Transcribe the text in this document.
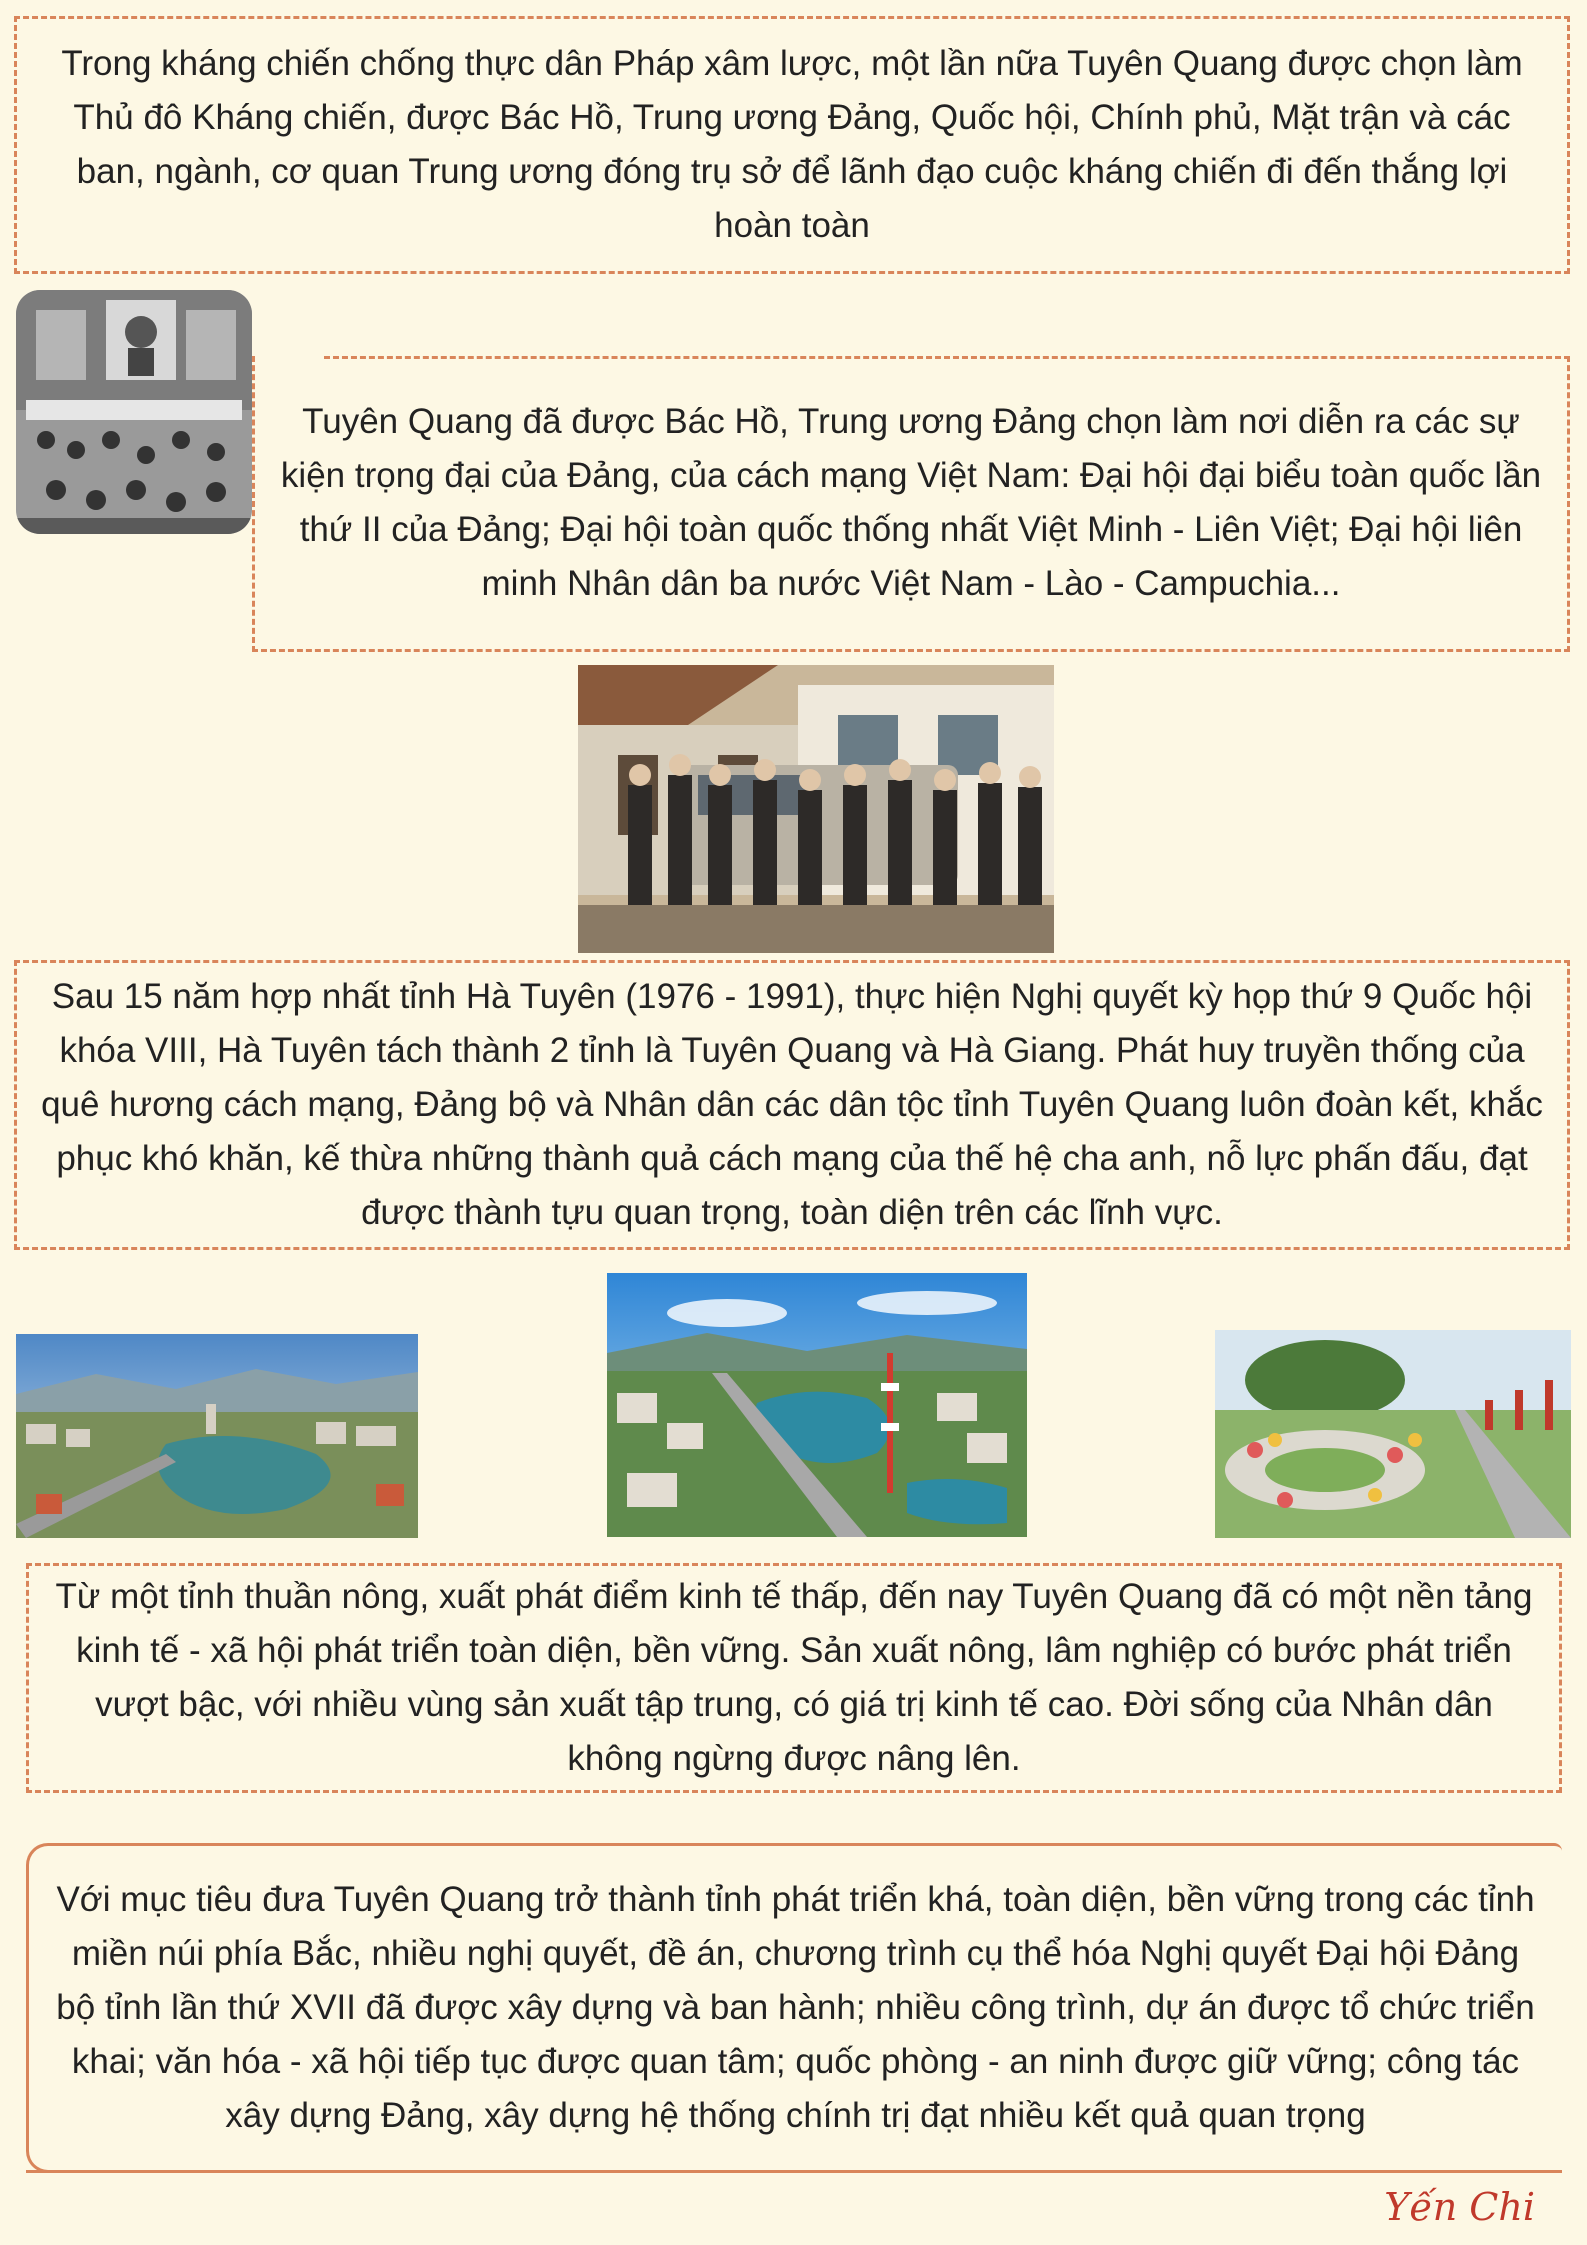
Trong kháng chiến chống thực dân Pháp xâm lược, một lần nữa Tuyên Quang được chọn làm Thủ đô Kháng chiến, được Bác Hồ, Trung ương Đảng, Quốc hội, Chính phủ, Mặt trận và các ban, ngành, cơ quan Trung ương đóng trụ sở để lãnh đạo cuộc kháng chiến đi đến thắng lợi hoàn toàn
Tuyên Quang đã được Bác Hồ, Trung ương Đảng chọn làm nơi diễn ra các sự kiện trọng đại của Đảng, của cách mạng Việt Nam: Đại hội đại biểu toàn quốc lần thứ II của Đảng; Đại hội toàn quốc thống nhất Việt Minh - Liên Việt; Đại hội liên minh Nhân dân ba nước Việt Nam - Lào - Campuchia...
Sau 15 năm hợp nhất tỉnh Hà Tuyên (1976 - 1991), thực hiện Nghị quyết kỳ họp thứ 9 Quốc hội khóa VIII, Hà Tuyên tách thành 2 tỉnh là Tuyên Quang và Hà Giang. Phát huy truyền thống của quê hương cách mạng, Đảng bộ và Nhân dân các dân tộc tỉnh Tuyên Quang luôn đoàn kết, khắc phục khó khăn, kế thừa những thành quả cách mạng của thế hệ cha anh, nỗ lực phấn đấu, đạt được thành tựu quan trọng, toàn diện trên các lĩnh vực.
Từ một tỉnh thuần nông, xuất phát điểm kinh tế thấp, đến nay Tuyên Quang đã có một nền tảng kinh tế - xã hội phát triển toàn diện, bền vững. Sản xuất nông, lâm nghiệp có bước phát triển vượt bậc, với nhiều vùng sản xuất tập trung, có giá trị kinh tế cao. Đời sống của Nhân dân không ngừng được nâng lên.
Với mục tiêu đưa Tuyên Quang trở thành tỉnh phát triển khá, toàn diện, bền vững trong các tỉnh miền núi phía Bắc, nhiều nghị quyết, đề án, chương trình cụ thể hóa Nghị quyết Đại hội Đảng bộ tỉnh lần thứ XVII đã được xây dựng và ban hành; nhiều công trình, dự án được tổ chức triển khai; văn hóa - xã hội tiếp tục được quan tâm; quốc phòng - an ninh được giữ vững; công tác xây dựng Đảng, xây dựng hệ thống chính trị đạt nhiều kết quả quan trọng
Yến Chi
